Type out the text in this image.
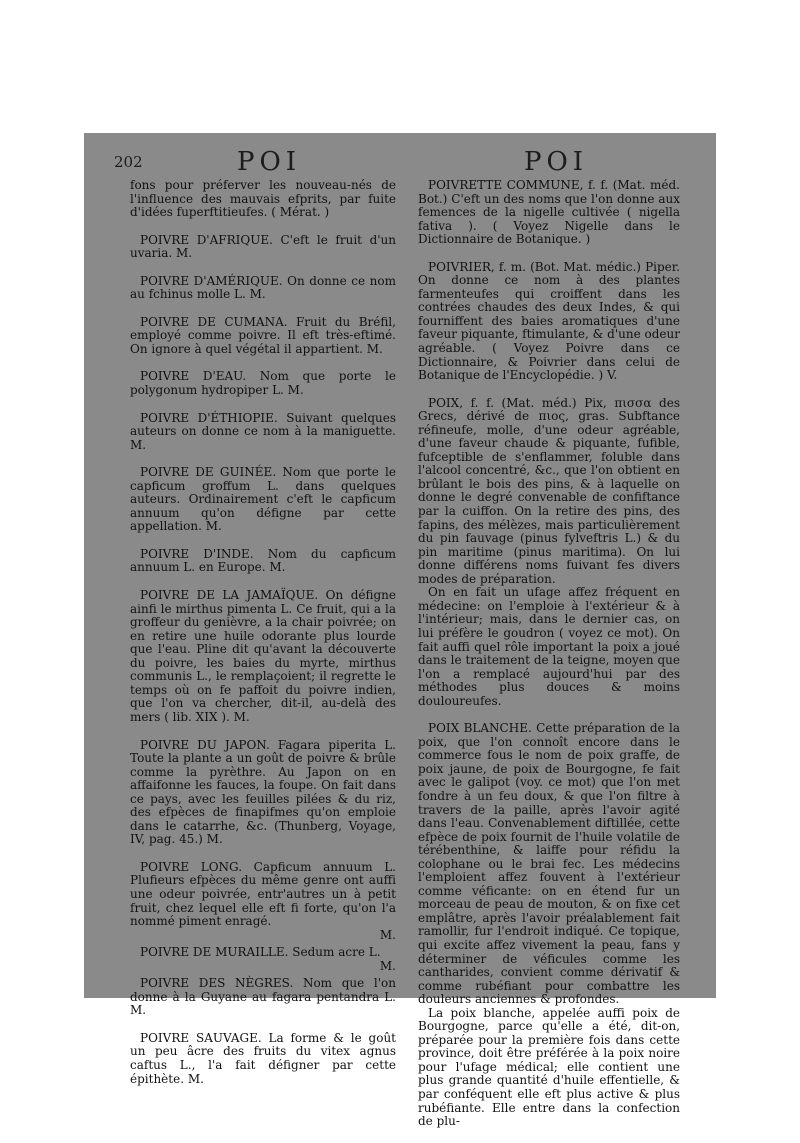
202	POI	POI

fons pour préferver les nouveau-nés de l'influence des mauvais efprits, par fuite d'idées fuperftitieufes. ( Mérat. )

POIVRE D'AFRIQUE. C'eft le fruit d'un uvaria. M.

POIVRE D'AMÉRIQUE. On donne ce nom au fchinus molle L. M.

POIVRE DE CUMANA. Fruit du Bréfil, employé comme poivre. Il eft très-eftimé. On ignore à quel végétal il appartient. M.

POIVRE D'EAU. Nom que porte le polygonum hydropiper L. M.

POIVRE D'ÉTHIOPIE. Suivant quelques auteurs on donne ce nom à la maniguette. M.

POIVRE DE GUINÉE. Nom que porte le capficum groffum L. dans quelques auteurs. Ordinairement c'eft le capficum annuum qu'on défigne par cette appellation. M.

POIVRE D'INDE. Nom du capficum annuum L. en Europe. M.

POIVRE DE LA JAMAÏQUE. On défigne ainfi le mirthus pimenta L. Ce fruit, qui a la groffeur du genièvre, a la chair poivrée; on en retire une huile odorante plus lourde que l'eau. Pline dit qu'avant la découverte du poivre, les baies du myrte, mirthus communis L., le remplaçoient; il regrette le temps où on fe paffoit du poivre indien, que l'on va chercher, dit-il, au-delà des mers ( lib. XIX ). M.

POIVRE DU JAPON. Fagara piperita L. Toute la plante a un goût de poivre & brûle comme la pyrèthre. Au Japon on en affaifonne les fauces, la foupe. On fait dans ce pays, avec les feuilles pilées & du riz, des efpèces de finapifmes qu'on emploie dans le catarrhe, &c. (Thunberg, Voyage, IV, pag. 45.) M.

POIVRE LONG. Capficum annuum L. Plufieurs efpèces du même genre ont auffi une odeur poivrée, entr'autres un à petit fruit, chez lequel elle eft fi forte, qu'on l'a nommé piment enragé.

M.

POIVRE DE MURAILLE. Sedum acre L.

M.

POIVRE DES NÈGRES. Nom que l'on donne à la Guyane au fagara pentandra L. M.

POIVRE SAUVAGE. La forme & le goût un peu âcre des fruits du vitex agnus caftus L., l'a fait défigner par cette épithète. M.

POIVRETTE COMMUNE, f. f. (Mat. méd. Bot.) C'eft un des noms que l'on donne aux femences de la nigelle cultivée ( nigella fativa ). ( Voyez Nigelle dans le Dictionnaire de Botanique. )

POIVRIER, f. m. (Bot. Mat. médic.) Piper. On donne ce nom à des plantes farmenteufes qui croiffent dans les contrées chaudes des deux Indes, & qui fourniffent des baies aromatiques d'une faveur piquante, ftimulante, & d'une odeur agréable. ( Voyez Poivre dans ce Dictionnaire, & Poivrier dans celui de Botanique de l'Encyclopédie. ) V.

POIX, f. f. (Mat. méd.) Pix, πισσα des Grecs, dérivé de πιος, gras. Subftance réfineufe, molle, d'une odeur agréable, d'une faveur chaude & piquante, fufible, fufceptible de s'enflammer, foluble dans l'alcool concentré, &c., que l'on obtient en brûlant le bois des pins, & à laquelle on donne le degré convenable de confiftance par la cuiffon. On la retire des pins, des fapins, des mélèzes, mais particulièrement du pin fauvage (pinus fylveftris L.) & du pin maritime (pinus maritima). On lui donne différens noms fuivant fes divers modes de préparation.

On en fait un ufage affez fréquent en médecine: on l'emploie à l'extérieur & à l'intérieur; mais, dans le dernier cas, on lui préfère le goudron ( voyez ce mot). On fait auffi quel rôle important la poix a joué dans le traitement de la teigne, moyen que l'on a remplacé aujourd'hui par des méthodes plus douces & moins douloureufes.

POIX BLANCHE. Cette préparation de la poix, que l'on connoît encore dans le commerce fous le nom de poix graffe, de poix jaune, de poix de Bourgogne, fe fait avec le galipot (voy. ce mot) que l'on met fondre à un feu doux, & que l'on filtre à travers de la paille, après l'avoir agité dans l'eau. Convenablement diftillée, cette efpèce de poix fournit de l'huile volatile de térébenthine, & laiffe pour réfidu la colophane ou le brai fec. Les médecins l'emploient affez fouvent à l'extérieur comme véficante: on en étend fur un morceau de peau de mouton, & on fixe cet emplâtre, après l'avoir préalablement fait ramollir, fur l'endroit indiqué. Ce topique, qui excite affez vivement la peau, fans y déterminer de véficules comme les cantharides, convient comme dérivatif & comme rubéfiant pour combattre les douleurs anciennes & profondes.

La poix blanche, appelée auffi poix de Bourgogne, parce qu'elle a été, dit-on, préparée pour la première fois dans cette province, doit être préférée à la poix noire pour l'ufage médical; elle contient une plus grande quantité d'huile effentielle, & par conféquent elle eft plus active & plus rubéfiante. Elle entre dans la confection de plu-
